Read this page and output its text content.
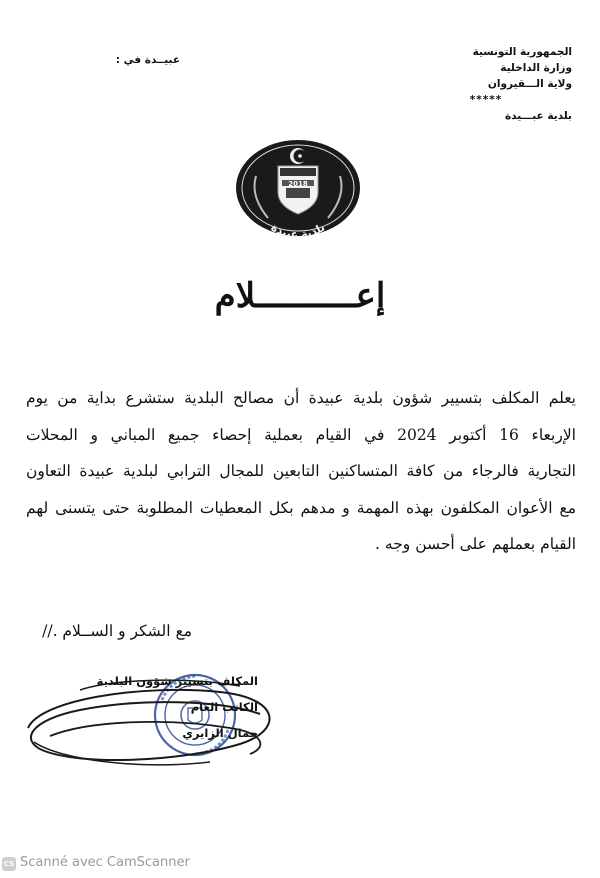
الجمهورية التونسية
وزارة الداخلية
ولاية الـــقيروان
*****
بلدية عبـــيدة
عبيــدة في :
2018
بلدية عبيدة
إعــــــــــلام

يعلم المكلف بتسيير شؤون بلدية عبيدة أن مصالح البلدية ستشرع بداية من يوم

الإربعاء 16 أكتوبر 2024 في القيام بعملية إحصاء جميع المباني و المحلات

التجارية فالرجاء من كافة المتساكنين التابعين للمجال الترابي لبلدية عبيدة التعاون

مع الأعوان المكلفون بهذه المهمة و مدهم بكل المعطيات المطلوبة حتى يتسنى لهم

القيام بعملهم على أحسن وجه .

مع الشكر و الســلام .//
المكلف بتسيير شؤون البلدية
الكاتب العام
جمال الزايري
CS Scanné avec CamScanner
